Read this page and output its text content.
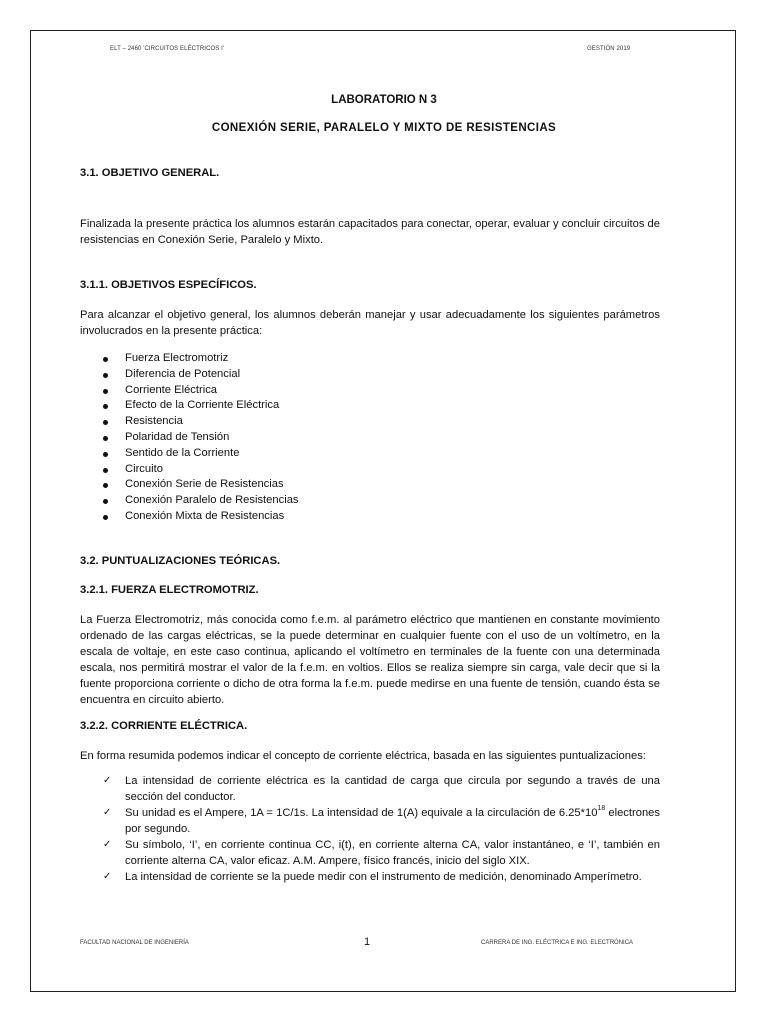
ELT – 2460 'CIRCUITOS ELÉCTRICOS I'	GESTIÓN 2019
LABORATORIO N 3
CONEXIÓN SERIE, PARALELO Y MIXTO DE RESISTENCIAS
3.1. OBJETIVO GENERAL.
Finalizada la presente práctica los alumnos estarán capacitados para conectar, operar, evaluar y concluir circuitos de resistencias en Conexión Serie, Paralelo y Mixto.
3.1.1. OBJETIVOS ESPECÍFICOS.
Para alcanzar el objetivo general, los alumnos deberán manejar y usar adecuadamente los siguientes parámetros involucrados en la presente práctica:
Fuerza Electromotriz
Diferencia de Potencial
Corriente Eléctrica
Efecto de la Corriente Eléctrica
Resistencia
Polaridad de Tensión
Sentido de la Corriente
Circuito
Conexión Serie de Resistencias
Conexión Paralelo de Resistencias
Conexión Mixta de Resistencias
3.2. PUNTUALIZACIONES TEÓRICAS.
3.2.1. FUERZA ELECTROMOTRIZ.
La Fuerza Electromotriz, más conocida como f.e.m. al parámetro eléctrico que mantienen en constante movimiento ordenado de las cargas eléctricas, se la puede determinar en cualquier fuente con el uso de un voltímetro, en la escala de voltaje, en este caso continua, aplicando el voltímetro en terminales de la fuente con una determinada escala, nos permitirá mostrar el valor de la f.e.m. en voltios. Ellos se realiza siempre sin carga, vale decir que si la fuente proporciona corriente o dicho de otra forma la f.e.m. puede medirse en una fuente de tensión, cuando ésta se encuentra en circuito abierto.
3.2.2. CORRIENTE ELÉCTRICA.
En forma resumida podemos indicar el concepto de corriente eléctrica, basada en las siguientes puntualizaciones:
✓ La intensidad de corriente eléctrica es la cantidad de carga que circula por segundo a través de una sección del conductor.
✓ Su unidad es el Ampere, 1A = 1C/1s. La intensidad de 1(A) equivale a la circulación de $6.25*10^{18}$ electrones por segundo.
✓ Su símbolo, ‘I’, en corriente continua CC, i(t), en corriente alterna CA, valor instantáneo, e ‘I’, también en corriente alterna CA, valor eficaz. A.M. Ampere, físico francés, inicio del siglo XIX.
✓ La intensidad de corriente se la puede medir con el instrumento de medición, denominado Amperímetro.
FACULTAD NACIONAL DE INGENIERÍA	1	CARRERA DE ING. ELÉCTRICA E ING. ELECTRÓNICA
